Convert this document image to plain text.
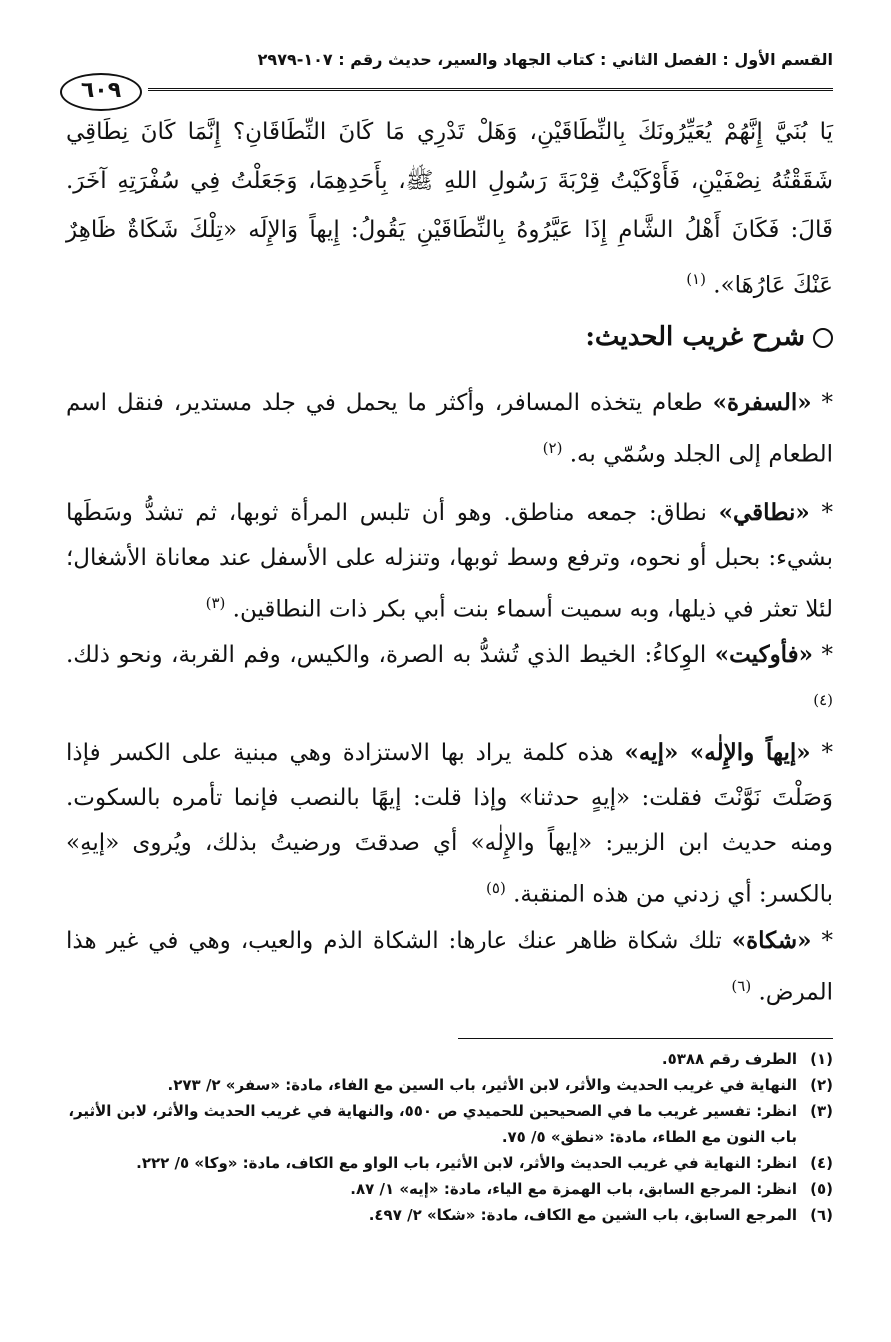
القسم الأول : الفصل الثاني : كتاب الجهاد والسير، حديث رقم : ١٠٧-٢٩٧٩
٦٠٩
يَا بُنَيَّ إِنَّهُمْ يُعَيِّرُونَكَ بِالنِّطَاقَيْنِ، وَهَلْ تَدْرِي مَا كَانَ النِّطَاقَانِ؟ إِنَّمَا كَانَ نِطَاقِي شَقَقْتُهُ نِصْفَيْنِ، فَأَوْكَيْتُ قِرْبَةَ رَسُولِ اللهِ ﷺ، بِأَحَدِهِمَا، وَجَعَلْتُ فِي سُفْرَتِهِ آخَرَ. قَالَ: فَكَانَ أَهْلُ الشَّامِ إِذَا عَيَّرُوهُ بِالنِّطَاقَيْنِ يَقُولُ: إِيهاً وَالإِلَه «تِلْكَ شَكَاةٌ ظَاهِرٌ عَنْكَ عَارُهَا». $^{(١)}$
شرح غريب الحديث:
* «السفرة» طعام يتخذه المسافر، وأكثر ما يحمل في جلد مستدير، فنقل اسم الطعام إلى الجلد وسُمّي به. $^{(٢)}$
* «نطاقي» نطاق: جمعه مناطق. وهو أن تلبس المرأة ثوبها، ثم تشدُّ وسَطَها بشيء: بحبل أو نحوه، وترفع وسط ثوبها، وتنزله على الأسفل عند معاناة الأشغال؛ لئلا تعثر في ذيلها، وبه سميت أسماء بنت أبي بكر ذات النطاقين. $^{(٣)}$
* «فأوكيت» الوِكاءُ: الخيط الذي تُشدُّ به الصرة، والكيس، وفم القربة، ونحو ذلك. $^{(٤)}$
* «إيهاً والإِلٰه» «إيه» هذه كلمة يراد بها الاستزادة وهي مبنية على الكسر فإذا وَصَلْتَ نَوَّنْتَ فقلت: «إيهٍ حدثنا» وإذا قلت: إيهًا بالنصب فإنما تأمره بالسكوت. ومنه حديث ابن الزبير: «إيهاً والإِلٰه» أي صدقتَ ورضيتُ بذلك، ويُروى «إيهِ» بالكسر: أي زدني من هذه المنقبة. $^{(٥)}$
* «شكاة» تلك شكاة ظاهر عنك عارها: الشكاة الذم والعيب، وهي في غير هذا المرض. $^{(٦)}$
(١)
الطرف رقم ٥٣٨٨.
(٢)
النهاية في غريب الحديث والأثر، لابن الأثير، باب السين مع الفاء، مادة: «سفر» ٢/ ٢٧٣.
(٣)
انظر: تفسير غريب ما في الصحيحين للحميدي ص ٥٥٠، والنهاية في غريب الحديث والأثر، لابن الأثير، باب النون مع الطاء، مادة: «نطق» ٥/ ٧٥.
(٤)
انظر: النهاية في غريب الحديث والأثر، لابن الأثير، باب الواو مع الكاف، مادة: «وكا» ٥/ ٢٢٢.
(٥)
انظر: المرجع السابق، باب الهمزة مع الياء، مادة: «إيه» ١/ ٨٧.
(٦)
المرجع السابق، باب الشين مع الكاف، مادة: «شكا» ٢/ ٤٩٧.
